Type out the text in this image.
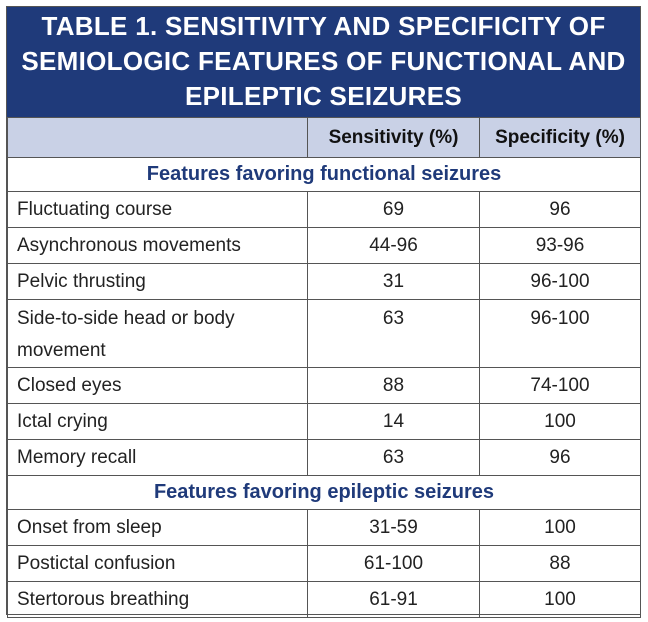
TABLE 1. SENSITIVITY AND SPECIFICITY OF
SEMIOLOGIC FEATURES OF FUNCTIONAL AND
EPILEPTIC SEIZURES
	Sensitivity (%)	Specificity (%)
Features favoring functional seizures		
Fluctuating course	69	96
Asynchronous movements	44-96	93-96
Pelvic thrusting	31	96-100
Side-to-side head or body movement	63	96-100
Closed eyes	88	74-100
Ictal crying	14	100
Memory recall	63	96
Features favoring epileptic seizures		
Onset from sleep	31-59	100
Postictal confusion	61-100	88
Stertorous breathing	61-91	100
